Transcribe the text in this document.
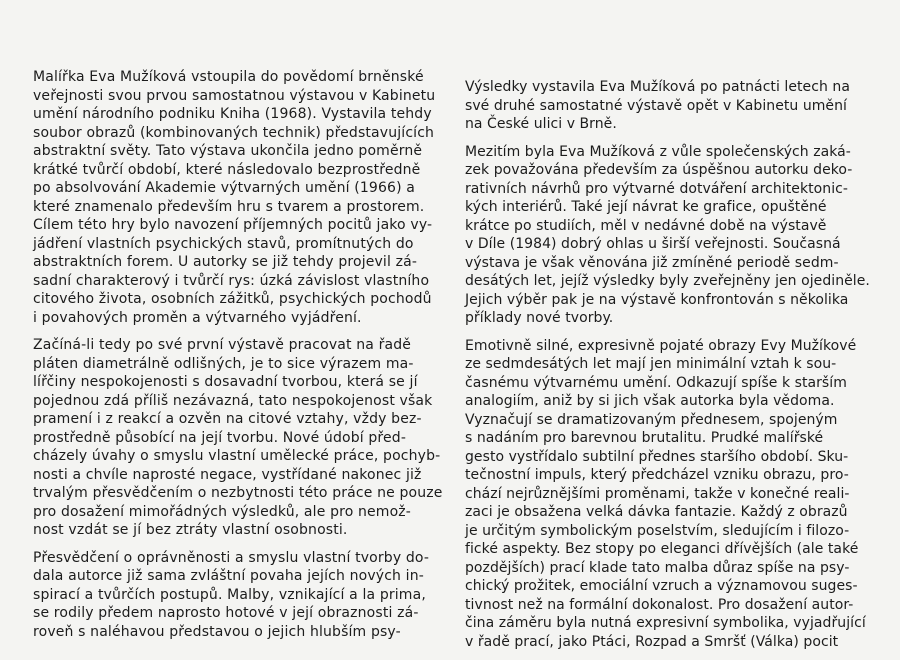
Malířka Eva Mužíková vstoupila do povědomí brněnské
veřejnosti svou prvou samostatnou výstavou v Kabinetu
umění národního podniku Kniha (1968). Vystavila tehdy
soubor obrazů (kombinovaných technik) představujících
abstraktní světy. Tato výstava ukončila jedno poměrně
krátké tvůrčí období, které následovalo bezprostředně
po absolvování Akademie výtvarných umění (1966) a
které znamenalo především hru s tvarem a prostorem.
Cílem této hry bylo navození příjemných pocitů jako vy-
jádření vlastních psychických stavů, promítnutých do
abstraktních forem. U autorky se již tehdy projevil zá-
sadní charakterový i tvůrčí rys: úzká závislost vlastního
citového života, osobních zážitků, psychických pochodů
i povahových proměn a výtvarného vyjádření.
Začíná-li tedy po své první výstavě pracovat na řadě
pláten diametrálně odlišných, je to sice výrazem ma-
lířčiny nespokojenosti s dosavadní tvorbou, která se jí
pojednou zdá příliš nezávazná, tato nespokojenost však
pramení i z reakcí a ozvěn na citové vztahy, vždy bez-
prostředně působící na její tvorbu. Nové údobí před-
cházely úvahy o smyslu vlastní umělecké práce, pochyb-
nosti a chvíle naprosté negace, vystřídané nakonec již
trvalým přesvědčením o nezbytnosti této práce ne pouze
pro dosažení mimořádných výsledků, ale pro nemož-
nost vzdát se jí bez ztráty vlastní osobnosti.
Přesvědčení o oprávněnosti a smyslu vlastní tvorby do-
dala autorce již sama zvláštní povaha jejích nových in-
spirací a tvůrčích postupů. Malby, vznikající a la prima,
se rodily předem naprosto hotové v její obraznosti zá-
roveň s naléhavou představou o jejich hlubším psy-
Výsledky vystavila Eva Mužíková po patnácti letech na
své druhé samostatné výstavě opět v Kabinetu umění
na České ulici v Brně.
Mezitím byla Eva Mužíková z vůle společenských zaká-
zek považována především za úspěšnou autorku deko-
rativních návrhů pro výtvarné dotváření architektonic-
kých interiérů. Také její návrat ke grafice, opuštěné
krátce po studiích, měl v nedávné době na výstavě
v Díle (1984) dobrý ohlas u širší veřejnosti. Současná
výstava je však věnována již zmíněné periodě sedm-
desátých let, jejíž výsledky byly zveřejněny jen ojediněle.
Jejich výběr pak je na výstavě konfrontován s několika
příklady nové tvorby.
Emotivně silné, expresivně pojaté obrazy Evy Mužíkové
ze sedmdesátých let mají jen minimální vztah k sou-
časnému výtvarnému umění. Odkazují spíše k starším
analogiím, aniž by si jich však autorka byla vědoma.
Vyznačují se dramatizovaným přednesem, spojeným
s nadáním pro barevnou brutalitu. Prudké malířské
gesto vystřídalo subtilní přednes staršího období. Sku-
tečnostní impuls, který předcházel vzniku obrazu, pro-
chází nejrůznějšími proměnami, takže v konečné reali-
zaci je obsažena velká dávka fantazie. Každý z obrazů
je určitým symbolickým poselstvím, sledujícím i filozo-
fické aspekty. Bez stopy po eleganci dřívějších (ale také
pozdějších) prací klade tato malba důraz spíše na psy-
chický prožitek, emociální vzruch a významovou suges-
tivnost než na formální dokonalost. Pro dosažení autor-
čina záměru byla nutná expresivní symbolika, vyjadřující
v řadě prací, jako Ptáci, Rozpad a Smršť (Válka) pocit
